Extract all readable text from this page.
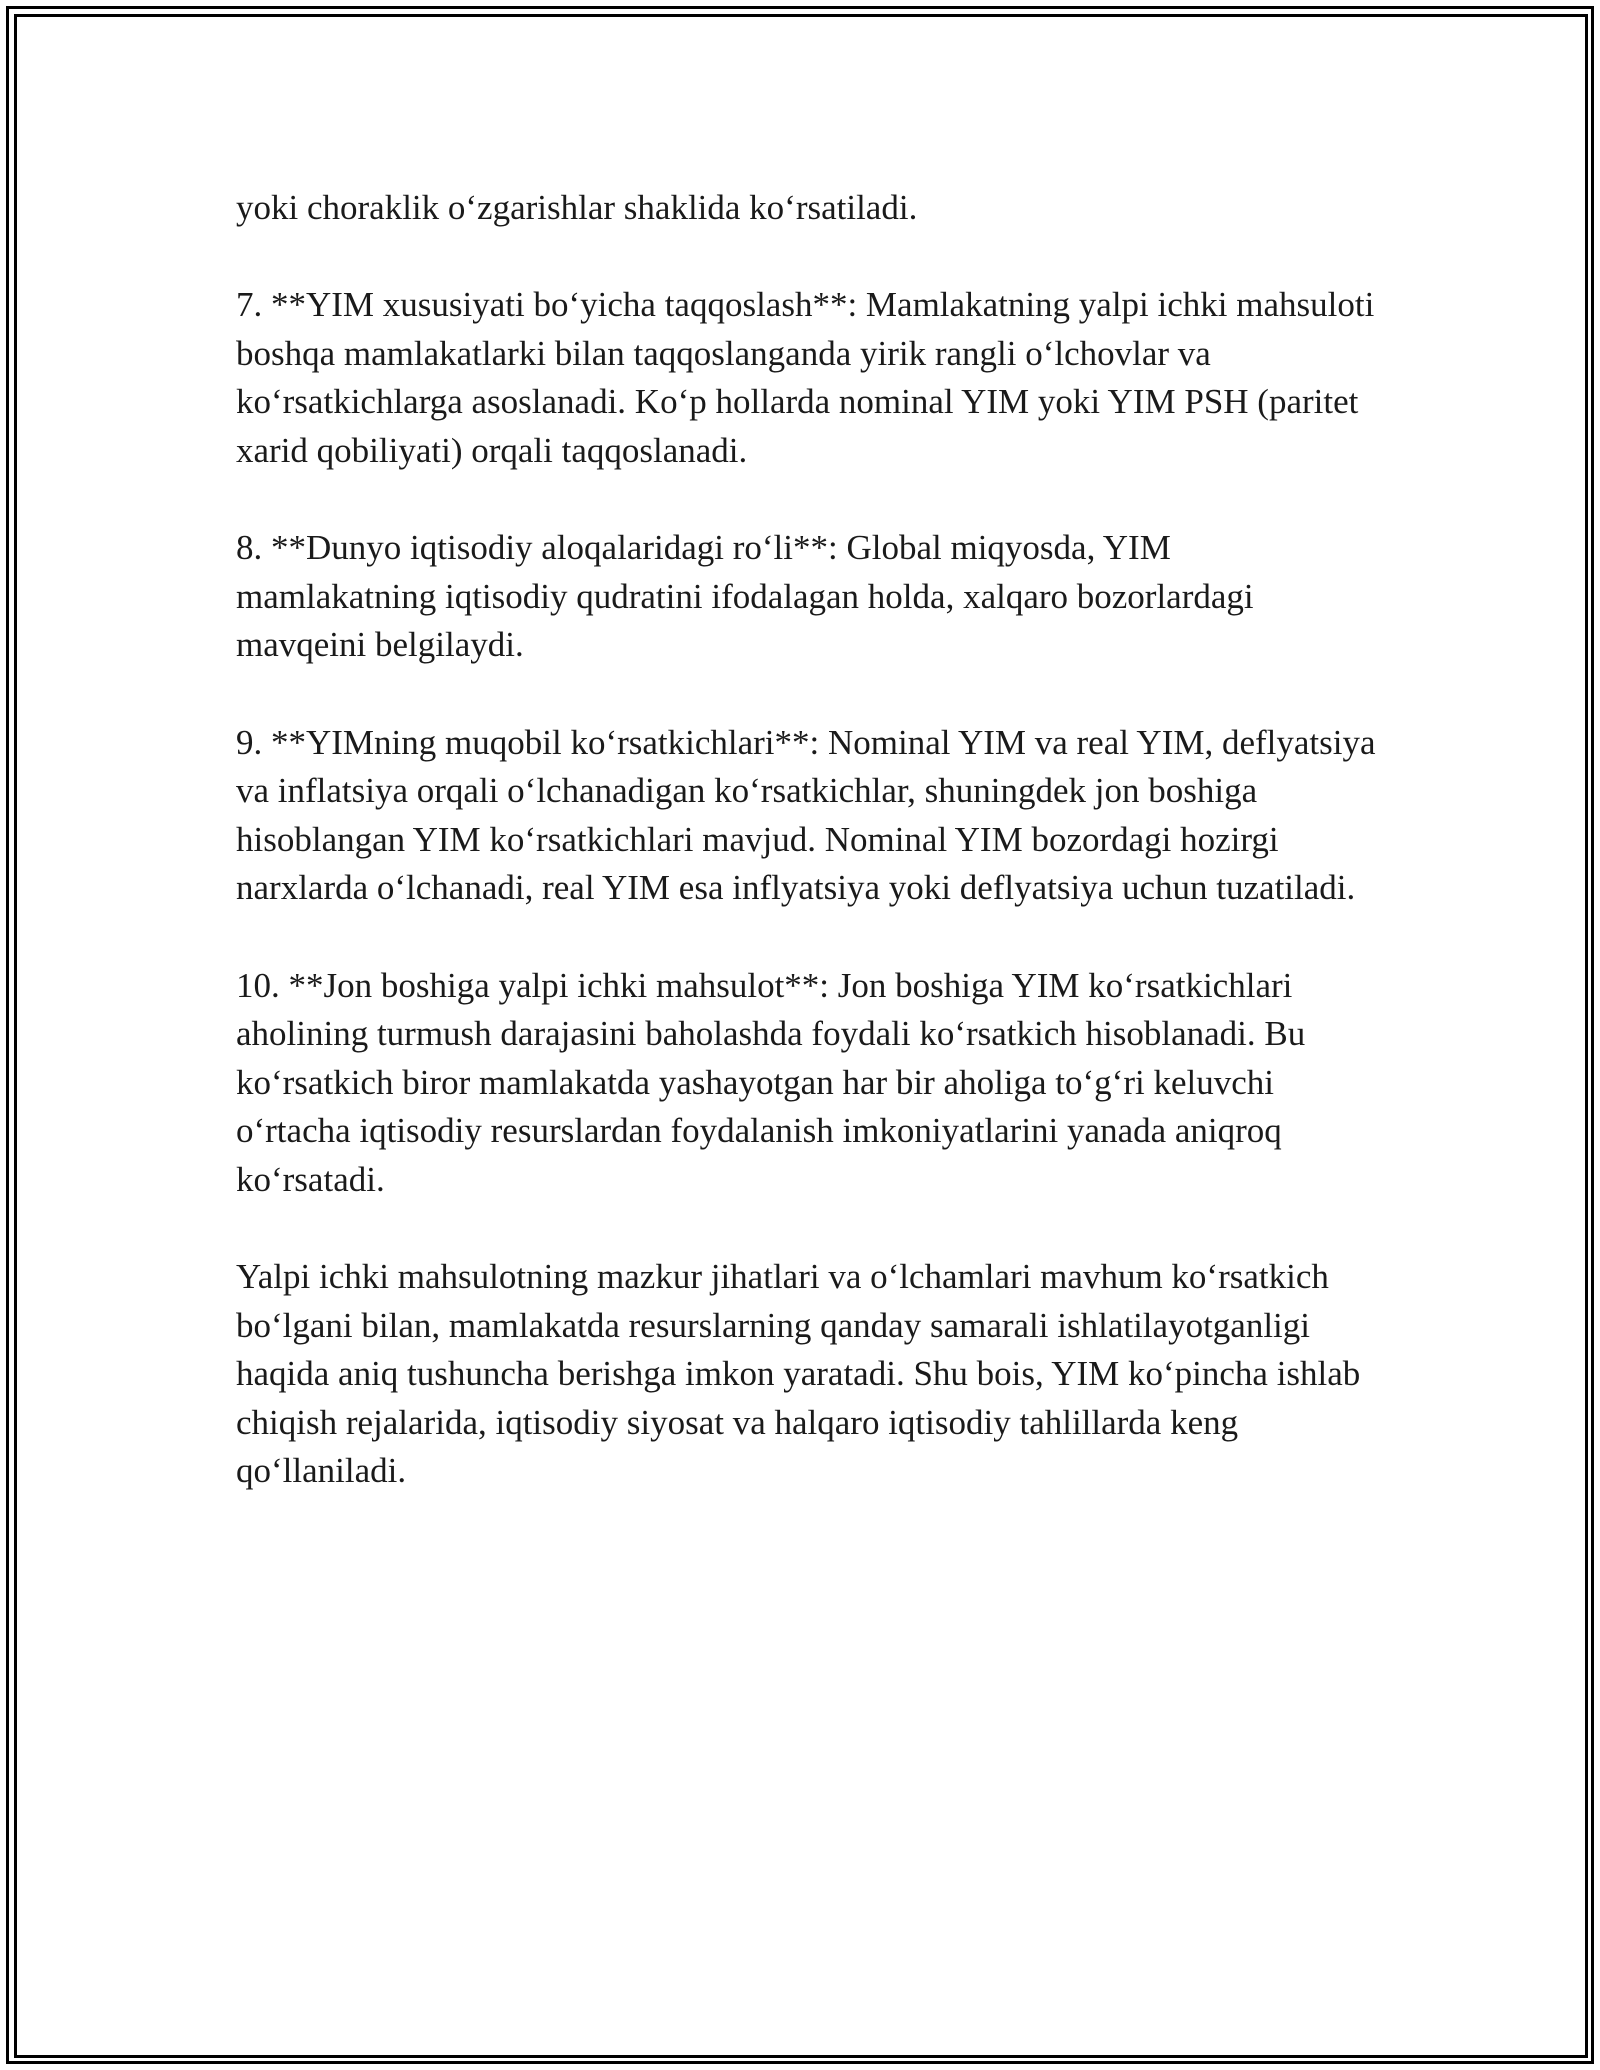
yoki choraklik o‘zgarishlar shaklida ko‘rsatiladi.

7. **YIM xususiyati bo‘yicha taqqoslash**: Mamlakatning yalpi ichki mahsuloti boshqa mamlakatlarki bilan taqqoslanganda yirik rangli o‘lchovlar va ko‘rsatkichlarga asoslanadi. Ko‘p hollarda nominal YIM yoki YIM PSH (paritet xarid qobiliyati) orqali taqqoslanadi.

8. **Dunyo iqtisodiy aloqalaridagi ro‘li**: Global miqyosda, YIM mamlakatning iqtisodiy qudratini ifodalagan holda, xalqaro bozorlardagi mavqeini belgilaydi.

9. **YIMning muqobil ko‘rsatkichlari**: Nominal YIM va real YIM, deflyatsiya va inflatsiya orqali o‘lchanadigan ko‘rsatkichlar, shuningdek jon boshiga hisoblangan YIM ko‘rsatkichlari mavjud. Nominal YIM bozordagi hozirgi narxlarda o‘lchanadi, real YIM esa inflyatsiya yoki deflyatsiya uchun tuzatiladi.

10. **Jon boshiga yalpi ichki mahsulot**: Jon boshiga YIM ko‘rsatkichlari aholining turmush darajasini baholashda foydali ko‘rsatkich hisoblanadi. Bu ko‘rsatkich biror mamlakatda yashayotgan har bir aholiga to‘g‘ri keluvchi o‘rtacha iqtisodiy resurslardan foydalanish imkoniyatlarini yanada aniqroq ko‘rsatadi.

Yalpi ichki mahsulotning mazkur jihatlari va o‘lchamlari mavhum ko‘rsatkich bo‘lgani bilan, mamlakatda resurslarning qanday samarali ishlatilayotganligi haqida aniq tushuncha berishga imkon yaratadi. Shu bois, YIM ko‘pincha ishlab chiqish rejalarida, iqtisodiy siyosat va halqaro iqtisodiy tahlillarda keng qo‘llaniladi.
